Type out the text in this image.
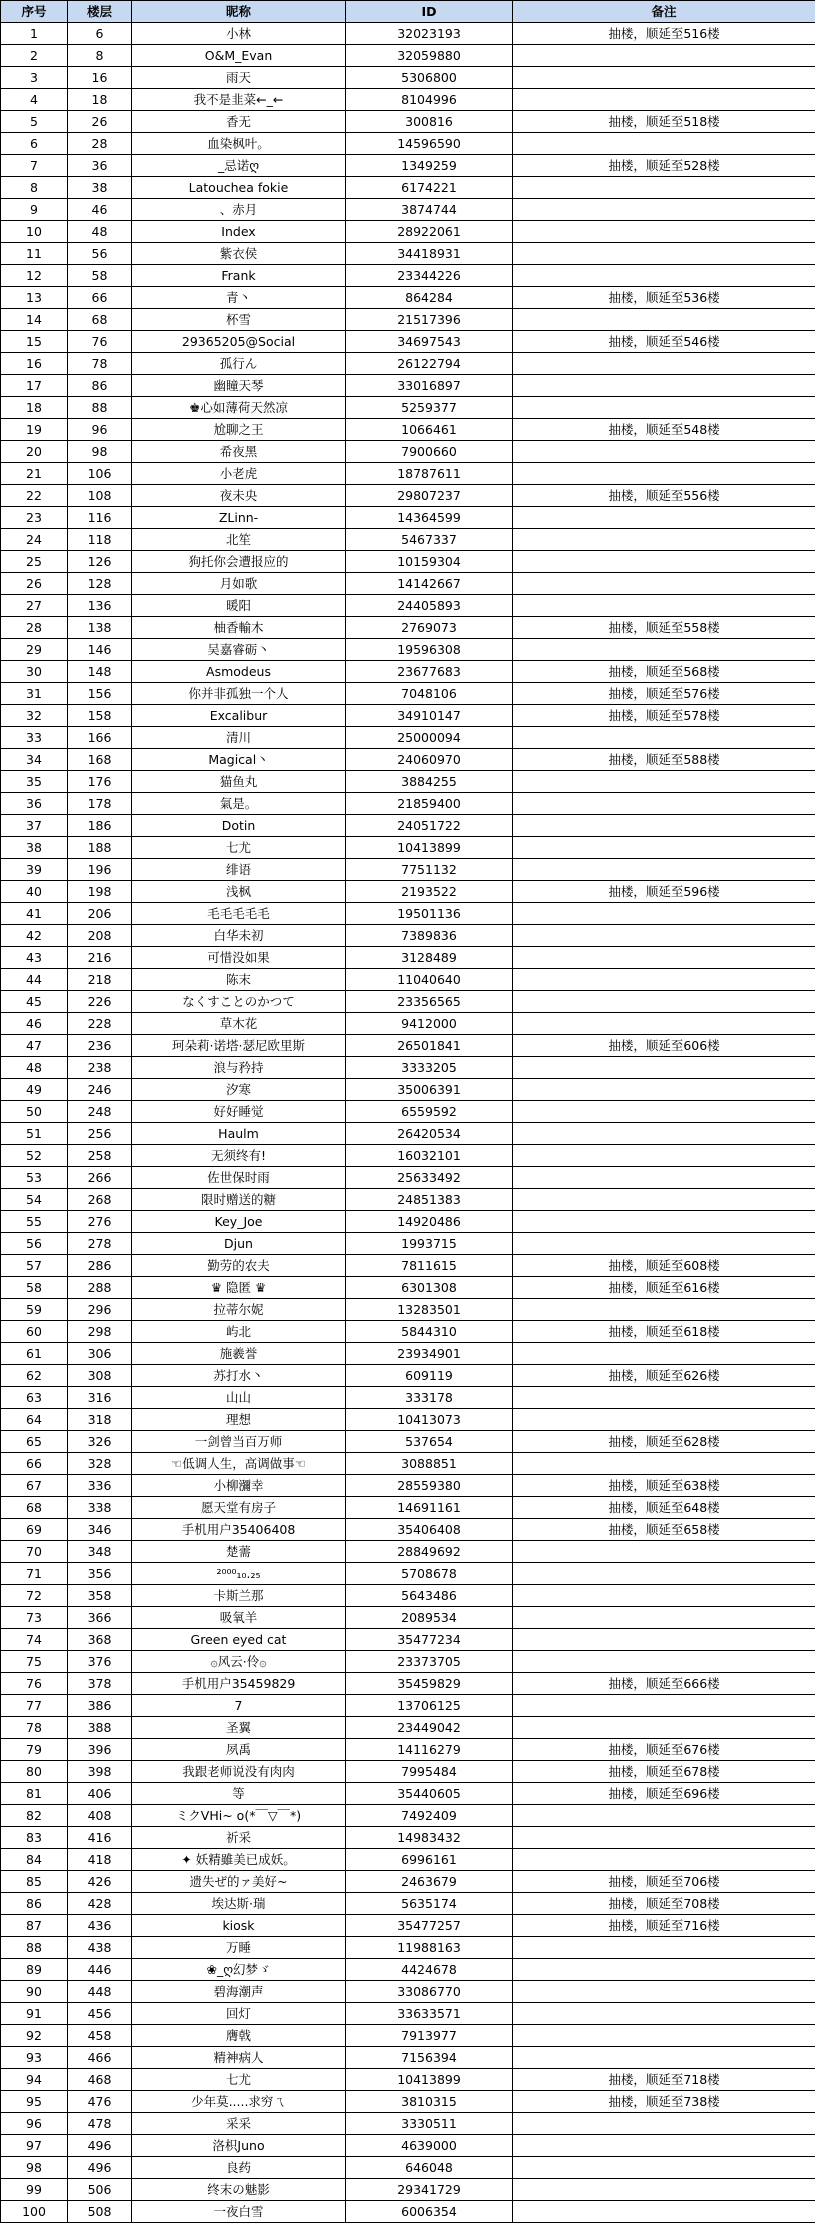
序号	楼层	昵称	ID	备注
1	6	小林	32023193	抽楼，顺延至516楼
2	8	O&M_Evan	32059880	
3	16	雨天	5306800	
4	18	我不是韭菜←_←	8104996	
5	26	香无	300816	抽楼，顺延至518楼
6	28	血染枫叶。	14596590	
7	36	_忌诺ღ	1349259	抽楼，顺延至528楼
8	38	Latouchea fokie	6174221	
9	46	、赤月	3874744	
10	48	Index	28922061	
11	56	紫衣侯	34418931	
12	58	Frank	23344226	
13	66	青丶	864284	抽楼，顺延至536楼
14	68	杯雪	21517396	
15	76	29365205@Social	34697543	抽楼，顺延至546楼
16	78	孤行ん	26122794	
17	86	幽瞳天琴	33016897	
18	88	♚心如薄荷天然凉	5259377	
19	96	尬聊之王	1066461	抽楼，顺延至548楼
20	98	希夜黑	7900660	
21	106	小老虎	18787611	
22	108	夜未央	29807237	抽楼，顺延至556楼
23	116	ZLinn-	14364599	
24	118	北笙	5467337	
25	126	狗托你会遭报应的	10159304	
26	128	月如歌	14142667	
27	136	暖阳	24405893	
28	138	柚香輸木	2769073	抽楼，顺延至558楼
29	146	吴嘉睿砺丶	19596308	
30	148	Asmodeus	23677683	抽楼，顺延至568楼
31	156	你并非孤独一个人	7048106	抽楼，顺延至576楼
32	158	Excalibur	34910147	抽楼，顺延至578楼
33	166	清川	25000094	
34	168	Magical丶	24060970	抽楼，顺延至588楼
35	176	猫鱼丸	3884255	
36	178	氣是。	21859400	
37	186	Dotin	24051722	
38	188	七尤	10413899	
39	196	绯语	7751132	
40	198	浅枫	2193522	抽楼，顺延至596楼
41	206	毛毛毛毛毛	19501136	
42	208	白华未初	7389836	
43	216	可惜没如果	3128489	
44	218	陈末	11040640	
45	226	なくすことのかつて	23356565	
46	228	草木花	9412000	
47	236	珂朵莉·诺塔·瑟尼欧里斯	26501841	抽楼，顺延至606楼
48	238	浪与矜持	3333205	
49	246	汐寒	35006391	
50	248	好好睡觉	6559592	
51	256	Haulm	26420534	
52	258	无须终有!	16032101	
53	266	佐世保时雨	25633492	
54	268	限时赠送的糖	24851383	
55	276	Key_Joe	14920486	
56	278	Djun	1993715	
57	286	勤劳的农夫	7811615	抽楼，顺延至608楼
58	288	♛ 隐匿 ♛	6301308	抽楼，顺延至616楼
59	296	拉蒂尔妮	13283501	
60	298	屿北	5844310	抽楼，顺延至618楼
61	306	施羲誉	23934901	
62	308	苏打水丶	609119	抽楼，顺延至626楼
63	316	山山	333178	
64	318	理想	10413073	
65	326	一剑曾当百万师	537654	抽楼，顺延至628楼
66	328	☜低调人生，高调做事☜	3088851	
67	336	小柳瀰幸	28559380	抽楼，顺延至638楼
68	338	愿天堂有房子	14691161	抽楼，顺延至648楼
69	346	手机用户35406408	35406408	抽楼，顺延至658楼
70	348	楚薷	28849692	
71	356	²⁰⁰⁰₁₀.₂₅	5708678	
72	358	卡斯兰那	5643486	
73	366	吸氧羊	2089534	
74	368	Green eyed cat	35477234	
75	376	۞风云·伶۞	23373705	
76	378	手机用户35459829	35459829	抽楼，顺延至666楼
77	386	7	13706125	
78	388	圣翼	23449042	
79	396	夙禹	14116279	抽楼，顺延至676楼
80	398	我跟老师说没有肉肉	7995484	抽楼，顺延至678楼
81	406	等	35440605	抽楼，顺延至696楼
82	408	ミクVHi~ o(*￣▽￣*)	7492409	
83	416	祈采	14983432	
84	418	✦ 妖精雖美已成妖。	6996161	
85	426	遗失ぜ的ァ美好~	2463679	抽楼，顺延至706楼
86	428	埃达斯·瑞	5635174	抽楼，顺延至708楼
87	436	kiosk	35477257	抽楼，顺延至716楼
88	438	万睡	11988163	
89	446	❀_ღ幻梦ゞ	4424678	
90	448	碧海潮声	33086770	
91	456	回灯	33633571	
92	458	膺戟	7913977	
93	466	精神病人	7156394	
94	468	七尤	10413899	抽楼，顺延至718楼
95	476	少年莫.....求穷ㄟ	3810315	抽楼，顺延至738楼
96	478	采采	3330511	
97	496	洛枳Juno	4639000	
98	496	良药	646048	
99	506	终末の魅影	29341729	
100	508	一夜白雪	6006354	
